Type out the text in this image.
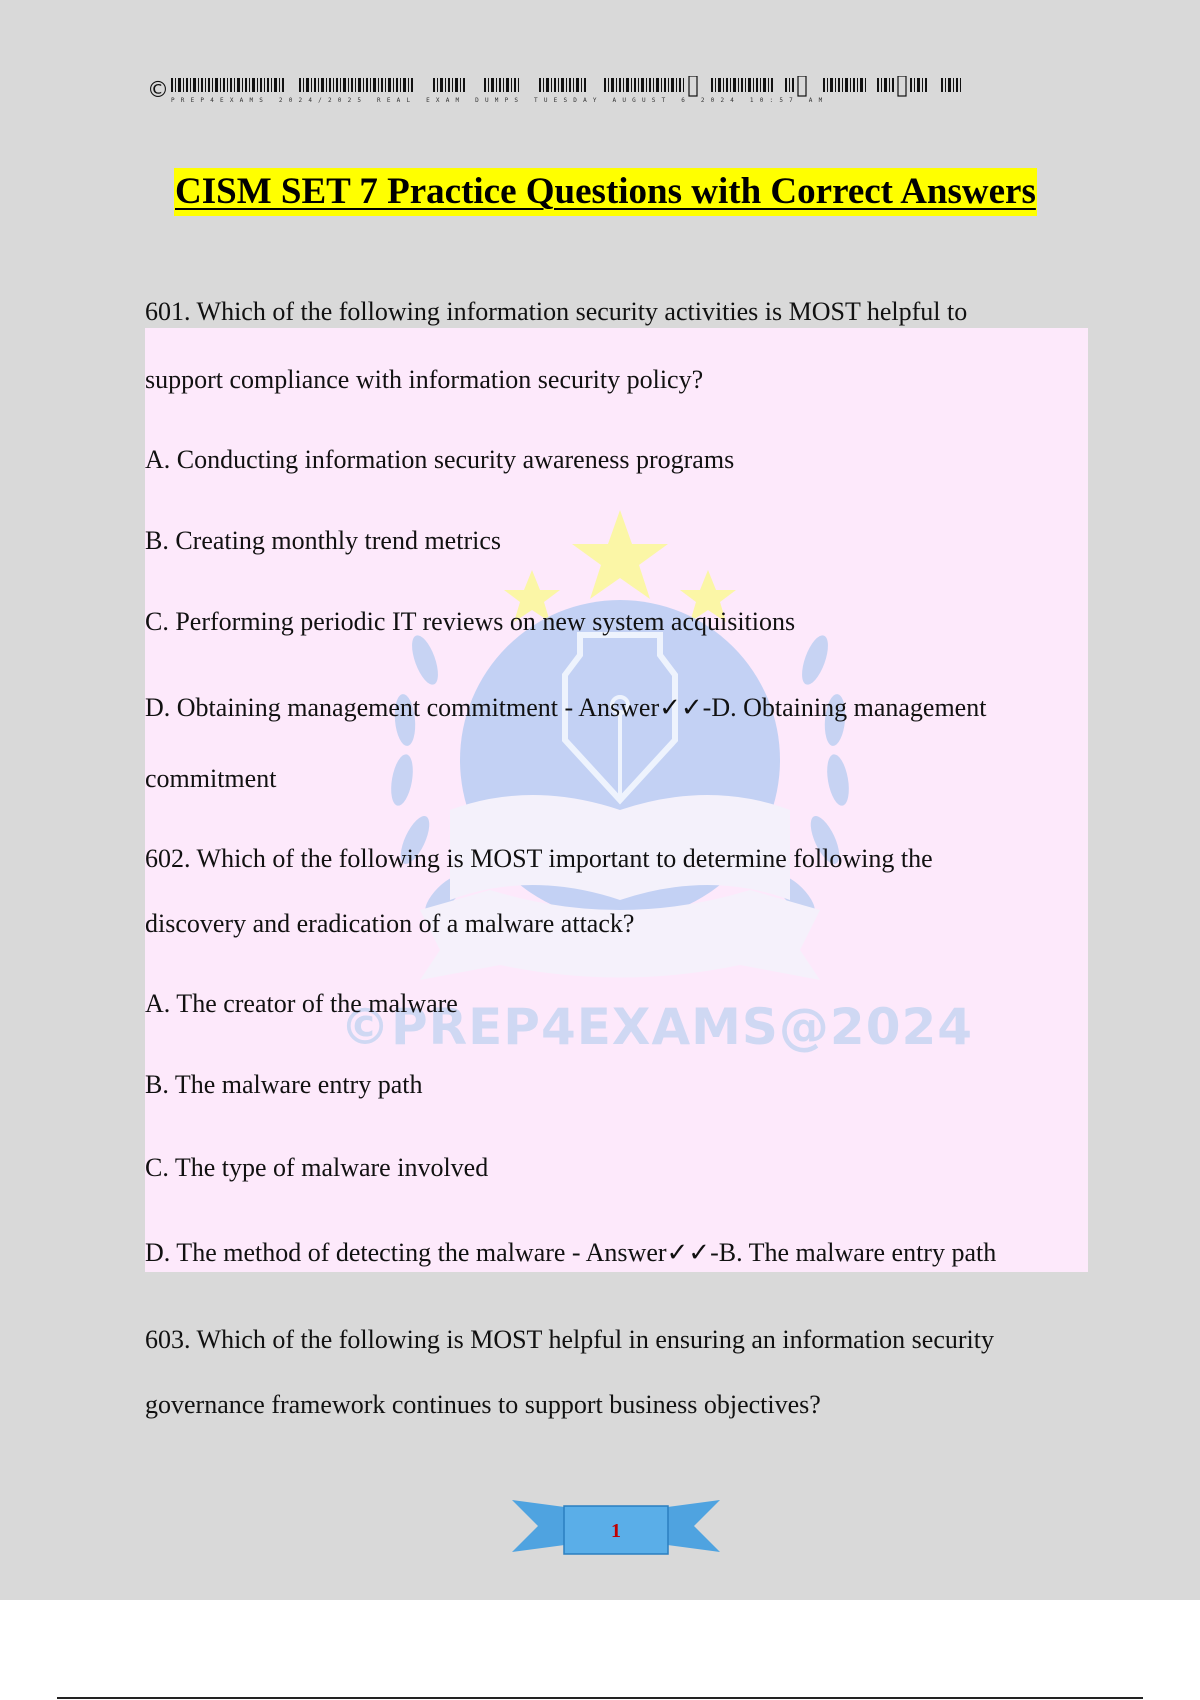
© PREP4EXAMS 2024/2025 REAL EXAM DUMPS TUESDAY AUGUST 6 2024 10:57 AM
CISM SET 7 Practice Questions with Correct Answers
©PREP4EXAMS@2024
601. Which of the following information security activities is MOST helpful to
support compliance with information security policy?
A. Conducting information security awareness programs
B. Creating monthly trend metrics
C. Performing periodic IT reviews on new system acquisitions
D. Obtaining management commitment - Answer✓✓-D. Obtaining management
commitment
602. Which of the following is MOST important to determine following the
discovery and eradication of a malware attack?
A. The creator of the malware
B. The malware entry path
C. The type of malware involved
D. The method of detecting the malware - Answer✓✓-B. The malware entry path
603. Which of the following is MOST helpful in ensuring an information security
governance framework continues to support business objectives?
1
